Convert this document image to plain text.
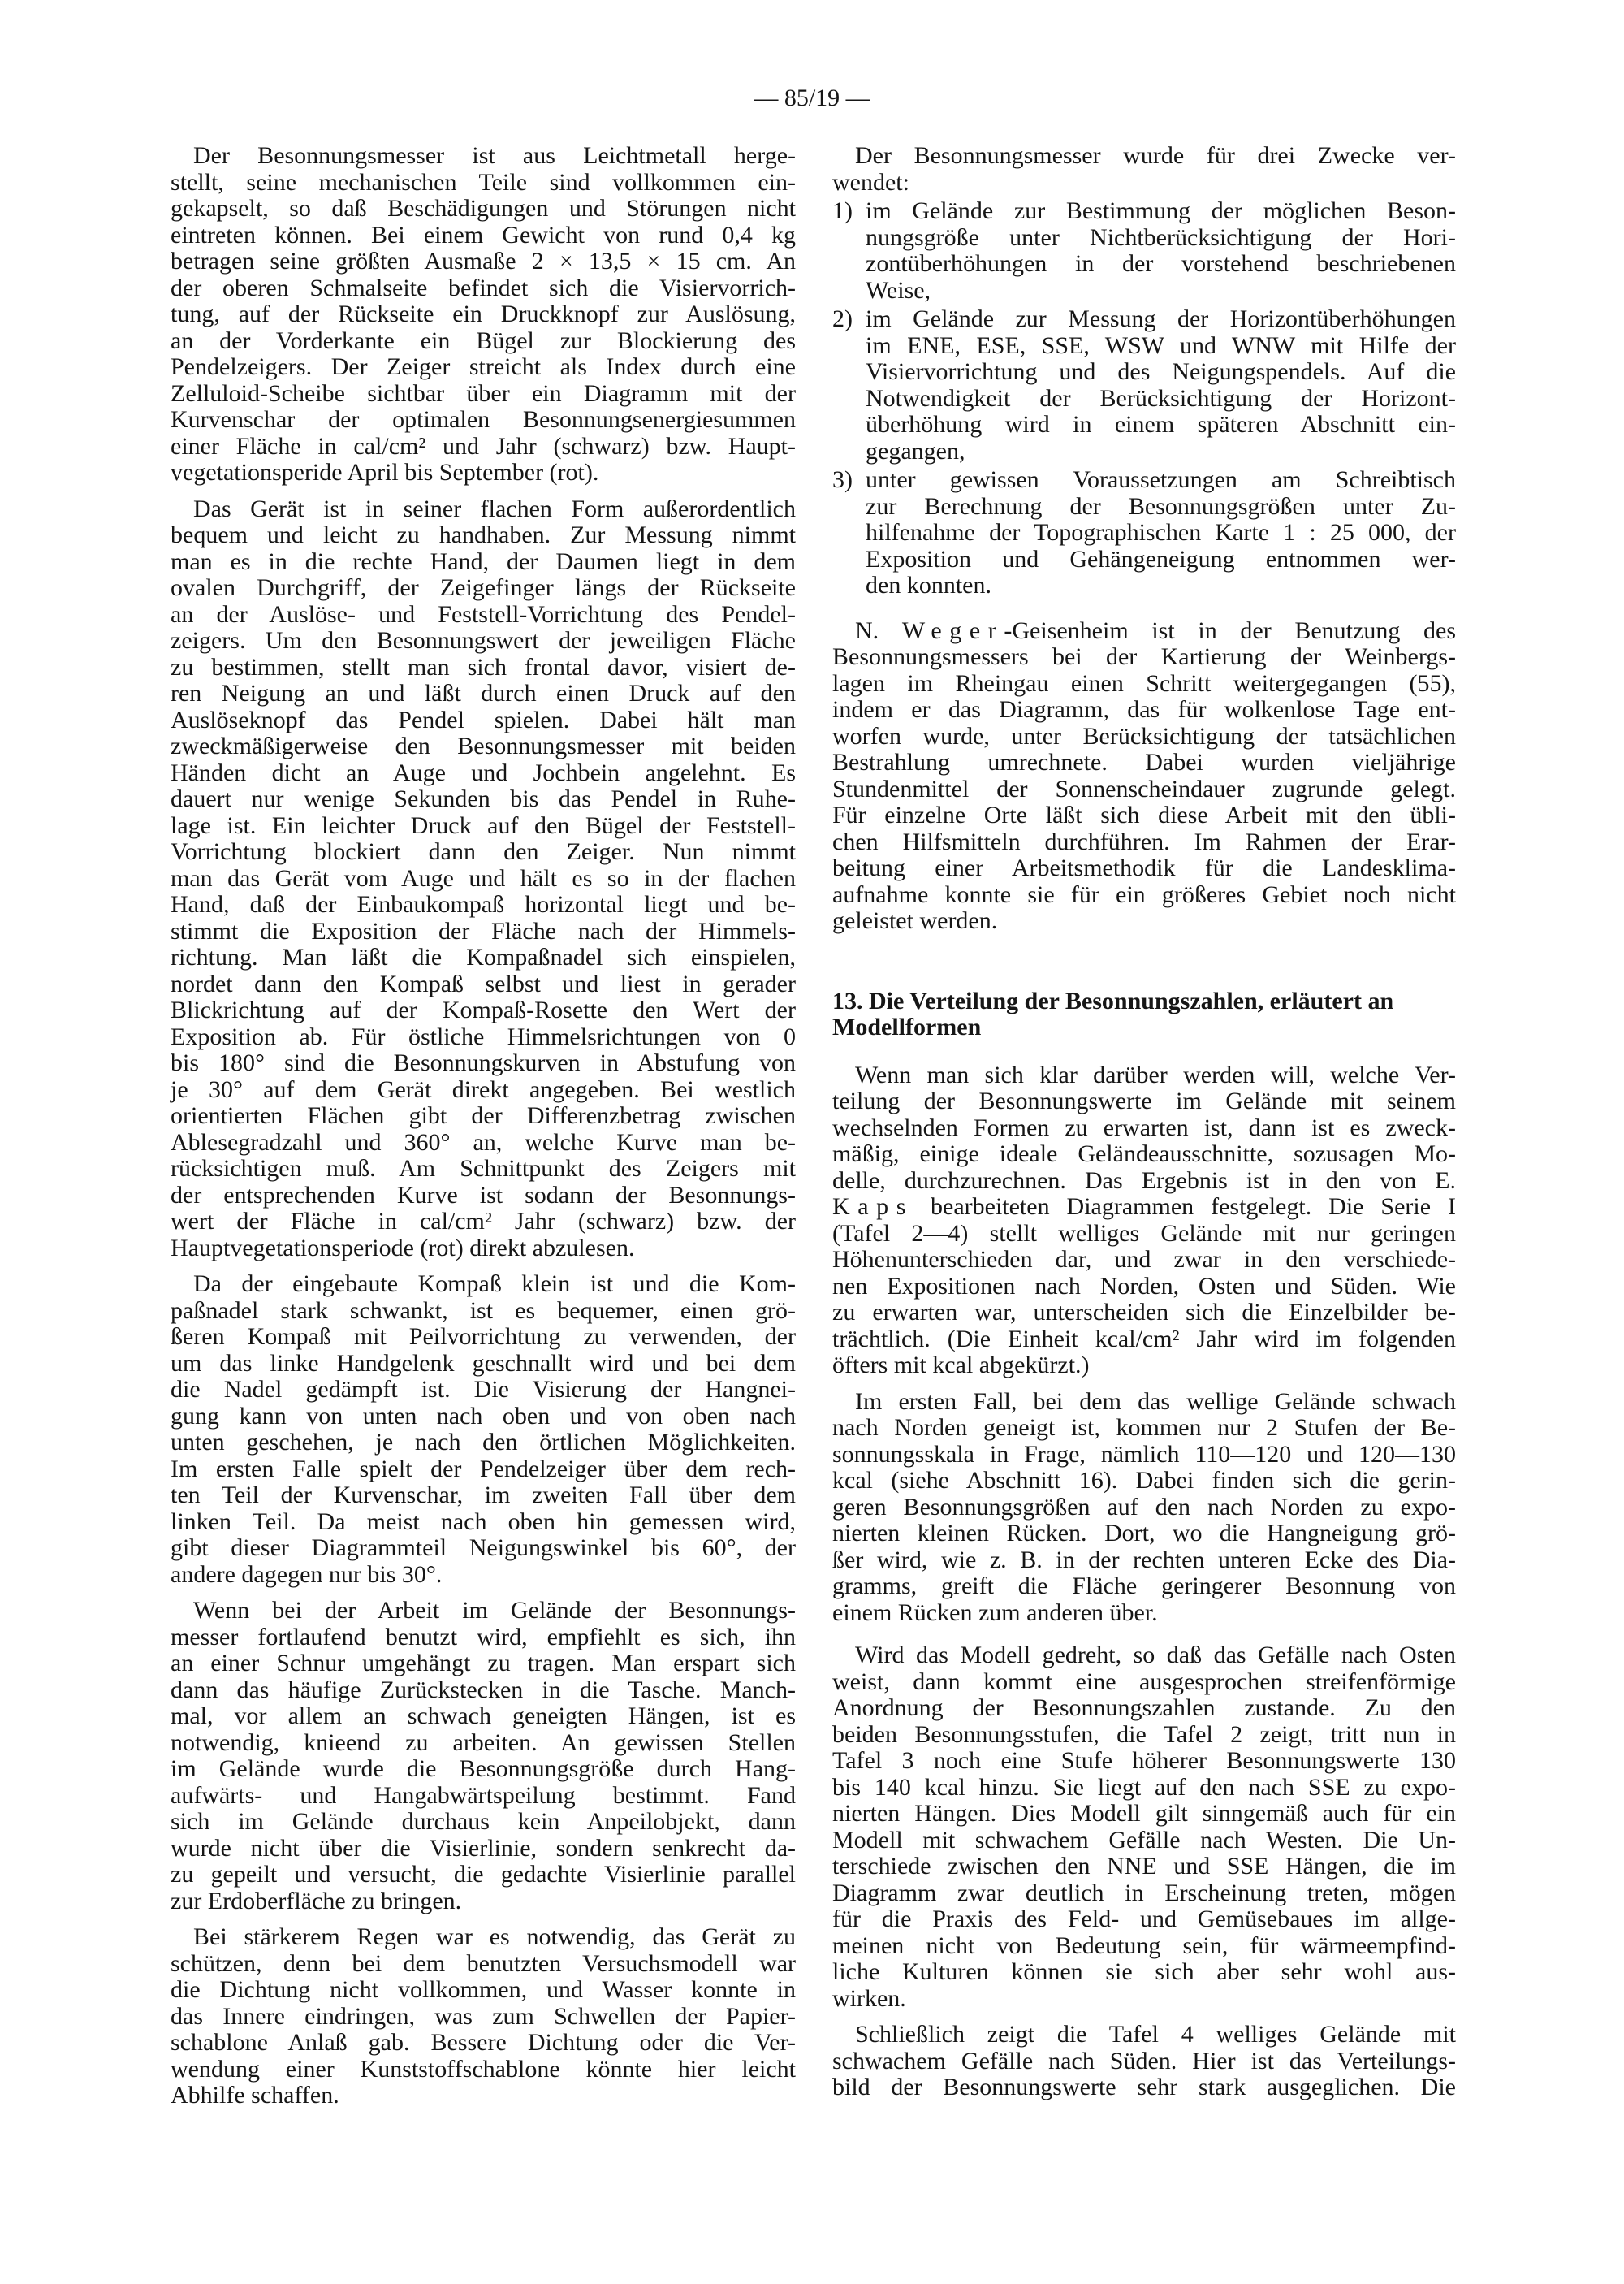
— 85/19 —
Der Besonnungsmesser ist aus Leichtmetall herge-
stellt, seine mechanischen Teile sind vollkommen ein-
gekapselt, so daß Beschädigungen und Störungen nicht
eintreten können. Bei einem Gewicht von rund 0,4 kg
betragen seine größten Ausmaße 2 × 13,5 × 15 cm. An
der oberen Schmalseite befindet sich die Visiervorrich-
tung, auf der Rückseite ein Druckknopf zur Auslösung,
an der Vorderkante ein Bügel zur Blockierung des
Pendelzeigers. Der Zeiger streicht als Index durch eine
Zelluloid-Scheibe sichtbar über ein Diagramm mit der
Kurvenschar der optimalen Besonnungsenergiesummen
einer Fläche in cal/cm² und Jahr (schwarz) bzw. Haupt-
vegetationsperide April bis September (rot).
Das Gerät ist in seiner flachen Form außerordentlich
bequem und leicht zu handhaben. Zur Messung nimmt
man es in die rechte Hand, der Daumen liegt in dem
ovalen Durchgriff, der Zeigefinger längs der Rückseite
an der Auslöse- und Feststell-Vorrichtung des Pendel-
zeigers. Um den Besonnungswert der jeweiligen Fläche
zu bestimmen, stellt man sich frontal davor, visiert de-
ren Neigung an und läßt durch einen Druck auf den
Auslöseknopf das Pendel spielen. Dabei hält man
zweckmäßigerweise den Besonnungsmesser mit beiden
Händen dicht an Auge und Jochbein angelehnt. Es
dauert nur wenige Sekunden bis das Pendel in Ruhe-
lage ist. Ein leichter Druck auf den Bügel der Feststell-
Vorrichtung blockiert dann den Zeiger. Nun nimmt
man das Gerät vom Auge und hält es so in der flachen
Hand, daß der Einbaukompaß horizontal liegt und be-
stimmt die Exposition der Fläche nach der Himmels-
richtung. Man läßt die Kompaßnadel sich einspielen,
nordet dann den Kompaß selbst und liest in gerader
Blickrichtung auf der Kompaß-Rosette den Wert der
Exposition ab. Für östliche Himmelsrichtungen von 0
bis 180° sind die Besonnungskurven in Abstufung von
je 30° auf dem Gerät direkt angegeben. Bei westlich
orientierten Flächen gibt der Differenzbetrag zwischen
Ablesegradzahl und 360° an, welche Kurve man be-
rücksichtigen muß. Am Schnittpunkt des Zeigers mit
der entsprechenden Kurve ist sodann der Besonnungs-
wert der Fläche in cal/cm² Jahr (schwarz) bzw. der
Hauptvegetationsperiode (rot) direkt abzulesen.
Da der eingebaute Kompaß klein ist und die Kom-
paßnadel stark schwankt, ist es bequemer, einen grö-
ßeren Kompaß mit Peilvorrichtung zu verwenden, der
um das linke Handgelenk geschnallt wird und bei dem
die Nadel gedämpft ist. Die Visierung der Hangnei-
gung kann von unten nach oben und von oben nach
unten geschehen, je nach den örtlichen Möglichkeiten.
Im ersten Falle spielt der Pendelzeiger über dem rech-
ten Teil der Kurvenschar, im zweiten Fall über dem
linken Teil. Da meist nach oben hin gemessen wird,
gibt dieser Diagrammteil Neigungswinkel bis 60°, der
andere dagegen nur bis 30°.
Wenn bei der Arbeit im Gelände der Besonnungs-
messer fortlaufend benutzt wird, empfiehlt es sich, ihn
an einer Schnur umgehängt zu tragen. Man erspart sich
dann das häufige Zurückstecken in die Tasche. Manch-
mal, vor allem an schwach geneigten Hängen, ist es
notwendig, knieend zu arbeiten. An gewissen Stellen
im Gelände wurde die Besonnungsgröße durch Hang-
aufwärts- und Hangabwärtspeilung bestimmt. Fand
sich im Gelände durchaus kein Anpeilobjekt, dann
wurde nicht über die Visierlinie, sondern senkrecht da-
zu gepeilt und versucht, die gedachte Visierlinie parallel
zur Erdoberfläche zu bringen.
Bei stärkerem Regen war es notwendig, das Gerät zu
schützen, denn bei dem benutzten Versuchsmodell war
die Dichtung nicht vollkommen, und Wasser konnte in
das Innere eindringen, was zum Schwellen der Papier-
schablone Anlaß gab. Bessere Dichtung oder die Ver-
wendung einer Kunststoffschablone könnte hier leicht
Abhilfe schaffen.
Der Besonnungsmesser wurde für drei Zwecke ver-
wendet:
1) im Gelände zur Bestimmung der möglichen Beson-
nungsgröße unter Nichtberücksichtigung der Hori-
zontüberhöhungen in der vorstehend beschriebenen
Weise,
2) im Gelände zur Messung der Horizontüberhöhungen
im ENE, ESE, SSE, WSW und WNW mit Hilfe der
Visiervorrichtung und des Neigungspendels. Auf die
Notwendigkeit der Berücksichtigung der Horizont-
überhöhung wird in einem späteren Abschnitt ein-
gegangen,
3) unter gewissen Voraussetzungen am Schreibtisch
zur Berechnung der Besonnungsgrößen unter Zu-
hilfenahme der Topographischen Karte 1 : 25 000, der
Exposition und Gehängeneigung entnommen wer-
den konnten.
N. Weger-Geisenheim ist in der Benutzung des
Besonnungsmessers bei der Kartierung der Weinbergs-
lagen im Rheingau einen Schritt weitergegangen (55),
indem er das Diagramm, das für wolkenlose Tage ent-
worfen wurde, unter Berücksichtigung der tatsächlichen
Bestrahlung umrechnete. Dabei wurden vieljährige
Stundenmittel der Sonnenscheindauer zugrunde gelegt.
Für einzelne Orte läßt sich diese Arbeit mit den übli-
chen Hilfsmitteln durchführen. Im Rahmen der Erar-
beitung einer Arbeitsmethodik für die Landesklima-
aufnahme konnte sie für ein größeres Gebiet noch nicht
geleistet werden.
13. Die Verteilung der Besonnungszahlen, erläutert an
Modellformen
Wenn man sich klar darüber werden will, welche Ver-
teilung der Besonnungswerte im Gelände mit seinem
wechselnden Formen zu erwarten ist, dann ist es zweck-
mäßig, einige ideale Geländeausschnitte, sozusagen Mo-
delle, durchzurechnen. Das Ergebnis ist in den von E.
Kaps bearbeiteten Diagrammen festgelegt. Die Serie I
(Tafel 2—4) stellt welliges Gelände mit nur geringen
Höhenunterschieden dar, und zwar in den verschiede-
nen Expositionen nach Norden, Osten und Süden. Wie
zu erwarten war, unterscheiden sich die Einzelbilder be-
trächtlich. (Die Einheit kcal/cm² Jahr wird im folgenden
öfters mit kcal abgekürzt.)
Im ersten Fall, bei dem das wellige Gelände schwach
nach Norden geneigt ist, kommen nur 2 Stufen der Be-
sonnungsskala in Frage, nämlich 110—120 und 120—130
kcal (siehe Abschnitt 16). Dabei finden sich die gerin-
geren Besonnungsgrößen auf den nach Norden zu expo-
nierten kleinen Rücken. Dort, wo die Hangneigung grö-
ßer wird, wie z. B. in der rechten unteren Ecke des Dia-
gramms, greift die Fläche geringerer Besonnung von
einem Rücken zum anderen über.
Wird das Modell gedreht, so daß das Gefälle nach Osten
weist, dann kommt eine ausgesprochen streifenförmige
Anordnung der Besonnungszahlen zustande. Zu den
beiden Besonnungsstufen, die Tafel 2 zeigt, tritt nun in
Tafel 3 noch eine Stufe höherer Besonnungswerte 130
bis 140 kcal hinzu. Sie liegt auf den nach SSE zu expo-
nierten Hängen. Dies Modell gilt sinngemäß auch für ein
Modell mit schwachem Gefälle nach Westen. Die Un-
terschiede zwischen den NNE und SSE Hängen, die im
Diagramm zwar deutlich in Erscheinung treten, mögen
für die Praxis des Feld- und Gemüsebaues im allge-
meinen nicht von Bedeutung sein, für wärmeempfind-
liche Kulturen können sie sich aber sehr wohl aus-
wirken.
Schließlich zeigt die Tafel 4 welliges Gelände mit
schwachem Gefälle nach Süden. Hier ist das Verteilungs-
bild der Besonnungswerte sehr stark ausgeglichen. Die
